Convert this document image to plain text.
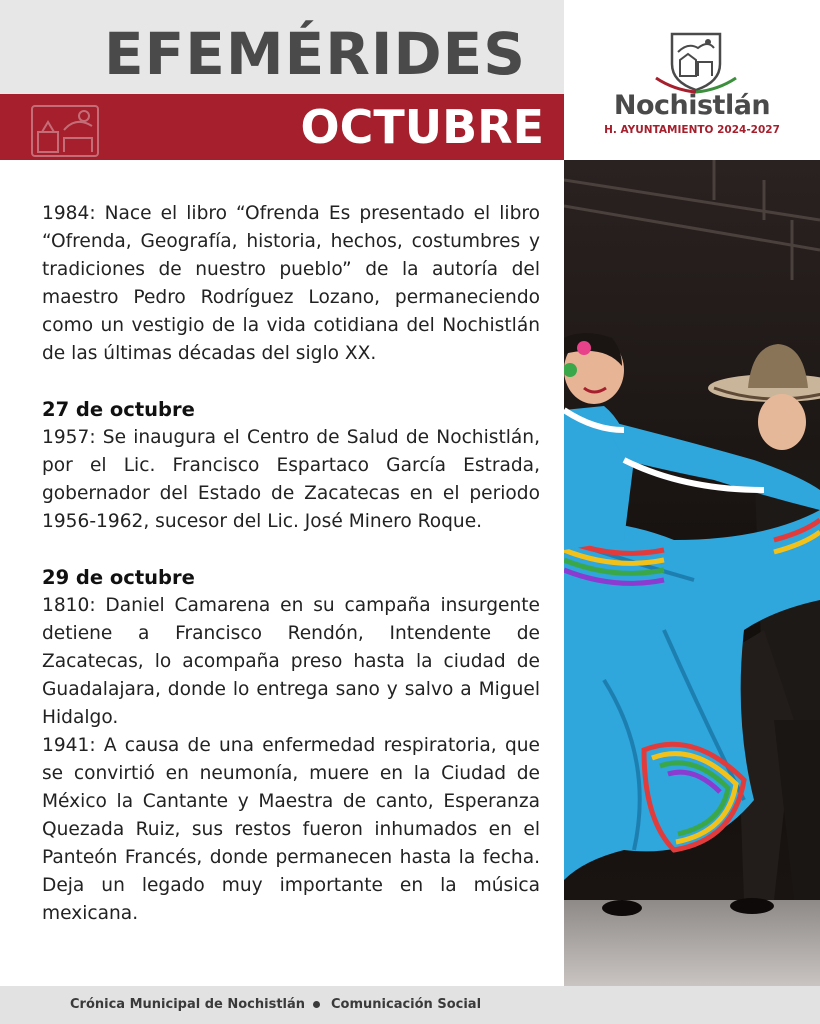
EFEMÉRIDES
OCTUBRE	Nochistlán
H. AYUNTAMIENTO 2024-2027

1984: Nace el libro “Ofrenda Es presentado el libro “Ofrenda, Geografía, historia, hechos, costumbres y tradiciones de nuestro pueblo” de la autoría del maestro Pedro Rodríguez Lozano, permaneciendo como un vestigio de la vida cotidiana del Nochistlán de las últimas décadas del siglo XX.

27 de octubre

1957: Se inaugura el Centro de Salud de Nochistlán, por el Lic. Francisco Espartaco García Estrada, gobernador del Estado de Zacatecas en el periodo 1956-1962, sucesor del Lic. José Minero Roque.

29 de octubre

1810: Daniel Camarena en su campaña insurgente detiene a Francisco Rendón, Intendente de Zacatecas, lo acompaña preso hasta la ciudad de Guadalajara, donde lo entrega sano y salvo a Miguel Hidalgo.

1941: A causa de una enfermedad respiratoria, que se convirtió en neumonía, muere en la Ciudad de México la Cantante y Maestra de canto, Esperanza Quezada Ruiz, sus restos fueron inhumados en el Panteón Francés, donde permanecen hasta la fecha. Deja un legado muy importante en la música mexicana.

Crónica Municipal de Nochistlán Comunicación Social
